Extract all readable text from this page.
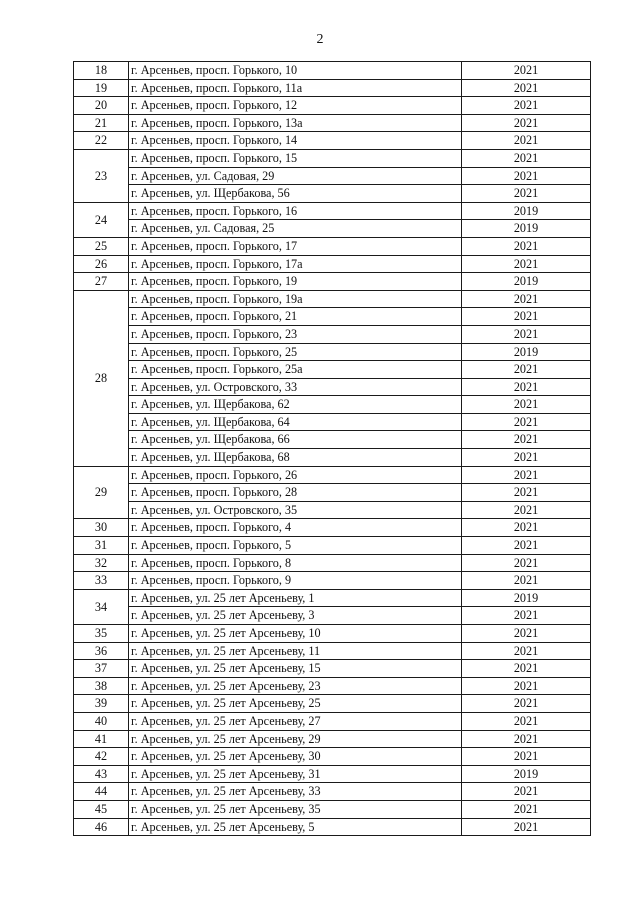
2
18	г. Арсеньев, просп. Горького, 10	2021
19	г. Арсеньев, просп. Горького, 11а	2021
20	г. Арсеньев, просп. Горького, 12	2021
21	г. Арсеньев, просп. Горького, 13а	2021
22	г. Арсеньев, просп. Горького, 14	2021
23	г. Арсеньев, просп. Горького, 15	2021
	г. Арсеньев, ул. Садовая, 29	2021
	г. Арсеньев, ул. Щербакова, 56	2021
24	г. Арсеньев, просп. Горького, 16	2019
	г. Арсеньев, ул. Садовая, 25	2019
25	г. Арсеньев, просп. Горького, 17	2021
26	г. Арсеньев, просп. Горького, 17а	2021
27	г. Арсеньев, просп. Горького, 19	2019
28	г. Арсеньев, просп. Горького, 19а	2021
	г. Арсеньев, просп. Горького, 21	2021
	г. Арсеньев, просп. Горького, 23	2021
	г. Арсеньев, просп. Горького, 25	2019
	г. Арсеньев, просп. Горького, 25а	2021
	г. Арсеньев, ул. Островского, 33	2021
	г. Арсеньев, ул. Щербакова, 62	2021
	г. Арсеньев, ул. Щербакова, 64	2021
	г. Арсеньев, ул. Щербакова, 66	2021
	г. Арсеньев, ул. Щербакова, 68	2021
29	г. Арсеньев, просп. Горького, 26	2021
	г. Арсеньев, просп. Горького, 28	2021
	г. Арсеньев, ул. Островского, 35	2021
30	г. Арсеньев, просп. Горького, 4	2021
31	г. Арсеньев, просп. Горького, 5	2021
32	г. Арсеньев, просп. Горького, 8	2021
33	г. Арсеньев, просп. Горького, 9	2021
34	г. Арсеньев, ул. 25 лет Арсеньеву, 1	2019
	г. Арсеньев, ул. 25 лет Арсеньеву, 3	2021
35	г. Арсеньев, ул. 25 лет Арсеньеву, 10	2021
36	г. Арсеньев, ул. 25 лет Арсеньеву, 11	2021
37	г. Арсеньев, ул. 25 лет Арсеньеву, 15	2021
38	г. Арсеньев, ул. 25 лет Арсеньеву, 23	2021
39	г. Арсеньев, ул. 25 лет Арсеньеву, 25	2021
40	г. Арсеньев, ул. 25 лет Арсеньеву, 27	2021
41	г. Арсеньев, ул. 25 лет Арсеньеву, 29	2021
42	г. Арсеньев, ул. 25 лет Арсеньеву, 30	2021
43	г. Арсеньев, ул. 25 лет Арсеньеву, 31	2019
44	г. Арсеньев, ул. 25 лет Арсеньеву, 33	2021
45	г. Арсеньев, ул. 25 лет Арсеньеву, 35	2021
46	г. Арсеньев, ул. 25 лет Арсеньеву, 5	2021
